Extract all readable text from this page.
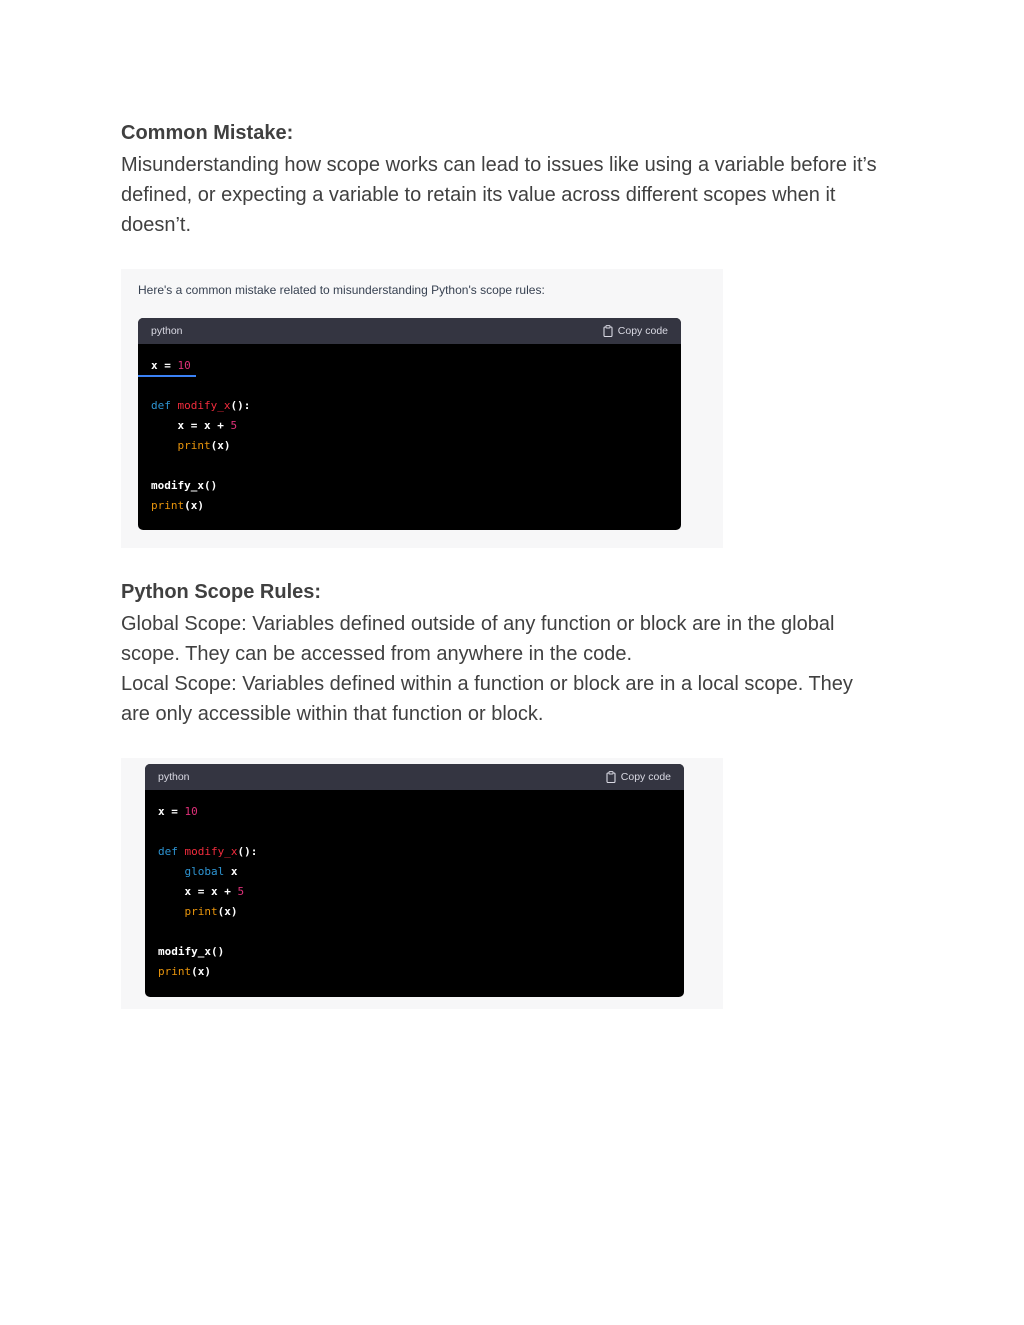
Common Mistake:
Misunderstanding how scope works can lead to issues like using a variable before it’s
defined, or expecting a variable to retain its value across different scopes when it
doesn’t.
Here's a common mistake related to misunderstanding Python's scope rules:
python	Copy code
x = 10
def modify_x():
x = x + 5
print(x)
modify_x()
print(x)
Python Scope Rules:
Global Scope: Variables defined outside of any function or block are in the global
scope. They can be accessed from anywhere in the code.
Local Scope: Variables defined within a function or block are in a local scope. They
are only accessible within that function or block.
python	Copy code
x = 10
def modify_x():
global x
x = x + 5
print(x)
modify_x()
print(x)
